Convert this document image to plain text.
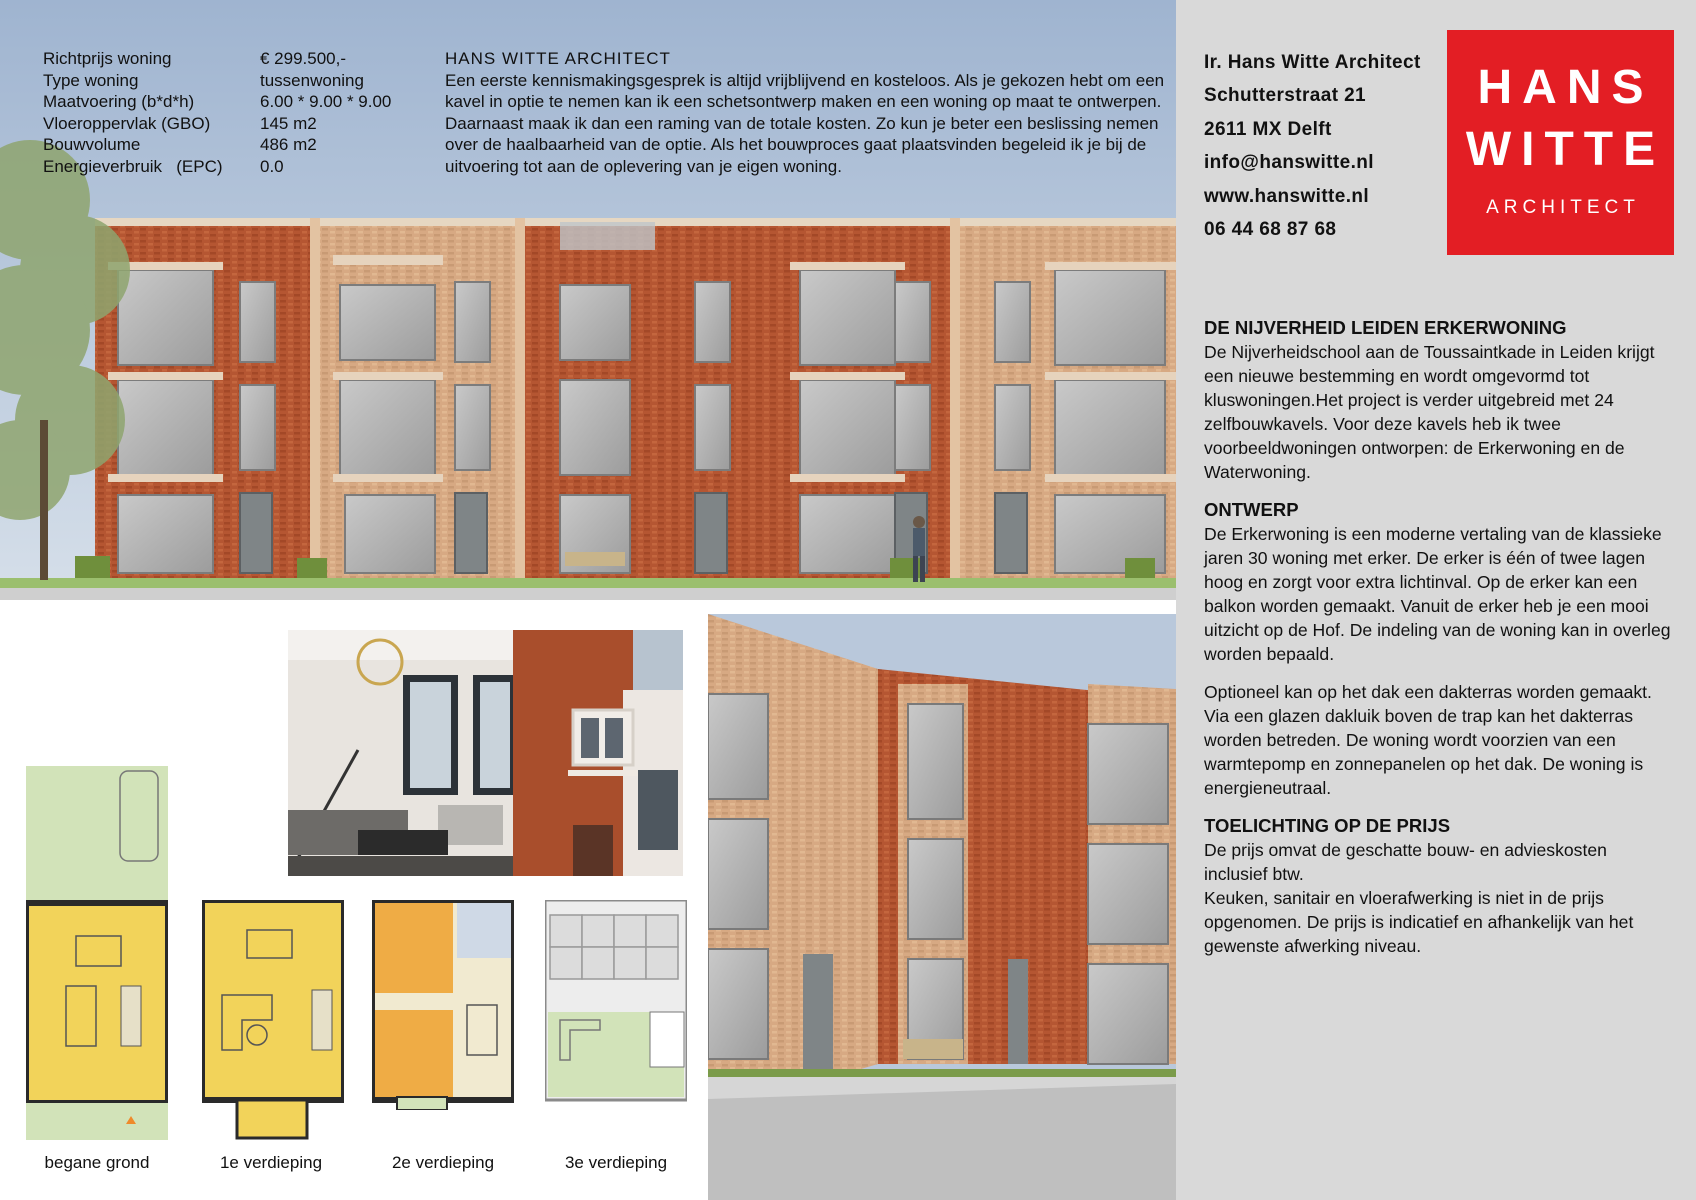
Richtprijs woning	€ 299.500,-
Type woning	tussenwoning
Maatvoering (b*d*h)	6.00 * 9.00 * 9.00
Vloeroppervlak (GBO)	145 m2
Bouwvolume	486 m2
Energieverbruik   (EPC)	0.0
HANS WITTE ARCHITECT
Een eerste kennismakingsgesprek is altijd vrijblijvend en kosteloos. Als je gekozen hebt om een kavel in optie te nemen kan ik een schetsontwerp maken en een woning op maat te ontwerpen. Daarnaast maak ik dan een raming van de totale kosten. Zo kun je beter een beslissing nemen over de haalbaarheid van de optie. Als het bouwproces gaat plaatsvinden begeleid ik je bij de uitvoering tot aan de oplevering van je eigen woning.
Ir. Hans Witte Architect
Schutterstraat 21
2611 MX Delft
info@hanswitte.nl
www.hanswitte.nl
06 44 68 87 68
HANS
WITTE
ARCHITECT
DE NIJVERHEID LEIDEN ERKERWONING

De Nijverheidschool aan de Toussaintkade in Leiden krijgt een nieuwe bestemming en wordt omgevormd tot kluswoningen.Het project is verder uitgebreid met 24 zelfbouwkavels. Voor deze kavels heb ik twee voorbeeldwoningen ontworpen: de Erkerwoning en de Waterwoning.

ONTWERP

De Erkerwoning is een moderne vertaling van de klassieke jaren 30 woning met erker. De erker is één of twee lagen hoog en zorgt voor extra lichtinval. Op de erker kan een balkon worden gemaakt. Vanuit de erker heb je een mooi uitzicht op de Hof. De indeling van de woning kan in overleg worden bepaald.

Optioneel kan op het dak een dakterras worden gemaakt. Via een glazen dakluik boven de trap kan het dakterras worden betreden. De woning wordt voorzien van een warmtepomp en zonnepanelen op het dak. De woning is energieneutraal.

TOELICHTING OP DE PRIJS

De prijs omvat de geschatte bouw- en advieskosten inclusief btw.

Keuken, sanitair en vloerafwerking is niet in de prijs opgenomen. De prijs is indicatief en afhankelijk van het gewenste afwerking niveau.

begane grond	1e verdieping	2e verdieping	3e verdieping
